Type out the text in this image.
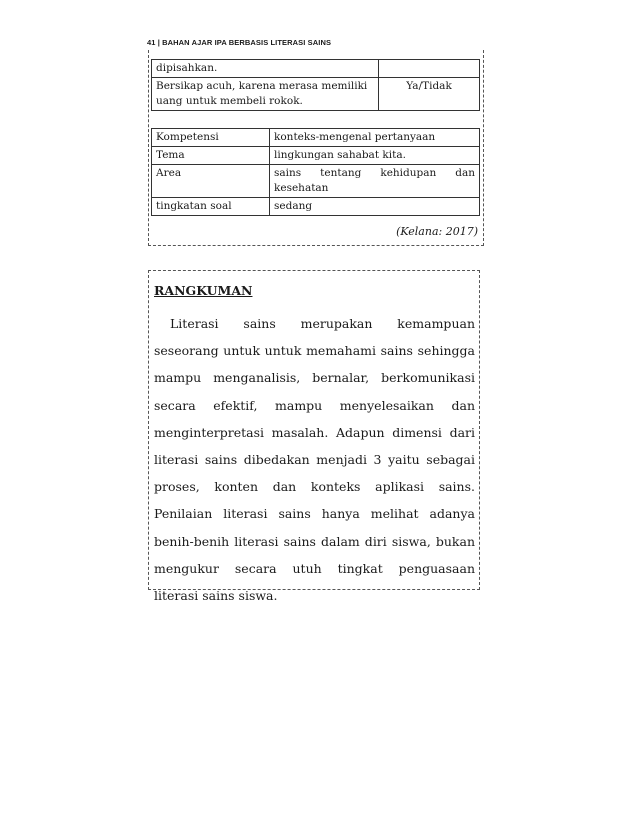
41 | BAHAN AJAR IPA BERBASIS LITERASI SAINS
dipisahkan.	
Bersikap acuh, karena merasa memiliki uang untuk membeli rokok.	Ya/Tidak
Kompetensi	konteks-mengenal pertanyaan
Tema	lingkungan sahabat kita.
Area	sains tentang kehidupan dan kesehatan
tingkatan soal	sedang
(Kelana: 2017)

RANGKUMAN

Literasi sains merupakan kemampuan seseorang untuk untuk memahami sains sehingga mampu menganalisis, bernalar, berkomunikasi secara efektif, mampu menyelesaikan dan menginterpretasi masalah. Adapun dimensi dari literasi sains dibedakan menjadi 3 yaitu sebagai proses, konten dan konteks aplikasi sains. Penilaian literasi sains hanya melihat adanya benih-benih literasi sains dalam diri siswa, bukan mengukur secara utuh tingkat penguasaan literasi sains siswa.
